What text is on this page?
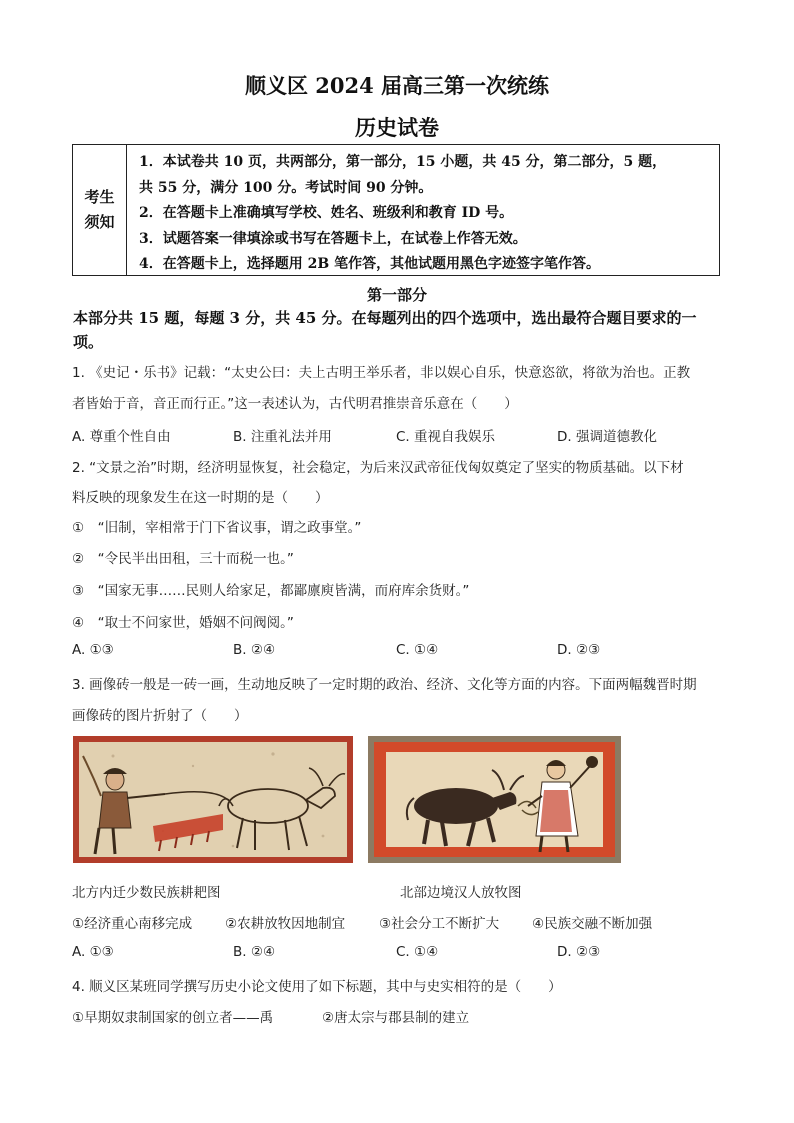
顺义区 2024 届高三第一次统练
历史试卷
考生
须知
1．本试卷共 10 页，共两部分，第一部分，15 小题，共 45 分，第二部分，5 题，
共 55 分，满分 100 分。考试时间 90 分钟。
2．在答题卡上准确填写学校、姓名、班级利和教育 ID 号。
3．试题答案一律填涂或书写在答题卡上，在试卷上作答无效。
4．在答题卡上，选择题用 2B 笔作答，其他试题用黑色字迹签字笔作答。
第一部分
本部分共 15 题，每题 3 分，共 45 分。在每题列出的四个选项中，选出最符合题目要求的一
项。
1. 《史记・乐书》记载：“太史公曰：夫上古明王举乐者，非以娱心自乐，快意恣欲，将欲为治也。正教
者皆始于音，音正而行正。”这一表述认为，古代明君推崇音乐意在（　　）
A. 尊重个性自由	B. 注重礼法并用	C. 重视自我娱乐	D. 强调道德教化
2. “文景之治”时期，经济明显恢复，社会稳定，为后来汉武帝征伐匈奴奠定了坚实的物质基础。以下材
料反映的现象发生在这一时期的是（　　）
①　“旧制，宰相常于门下省议事，谓之政事堂。”
②　“令民半出田租，三十而税一也。”
③　“国家无事……民则人给家足，都鄙廪庾皆满，而府库余货财。”
④　“取士不问家世，婚姻不问阀阅。”
A. ①③	B. ②④	C. ①④	D. ②③
3. 画像砖一般是一砖一画，生动地反映了一定时期的政治、经济、文化等方面的内容。下面两幅魏晋时期
画像砖的图片折射了（　　）
北方内迁少数民族耕耙图	北部边境汉人放牧图
①经济重心南移完成 ②农耕放牧因地制宜	③社会分工不断扩大 ④民族交融不断加强
A. ①③	B. ②④	C. ①④	D. ②③
4. 顺义区某班同学撰写历史小论文使用了如下标题，其中与史实相符的是（　　）
①早期奴隶制国家的创立者——禹	②唐太宗与郡县制的建立
